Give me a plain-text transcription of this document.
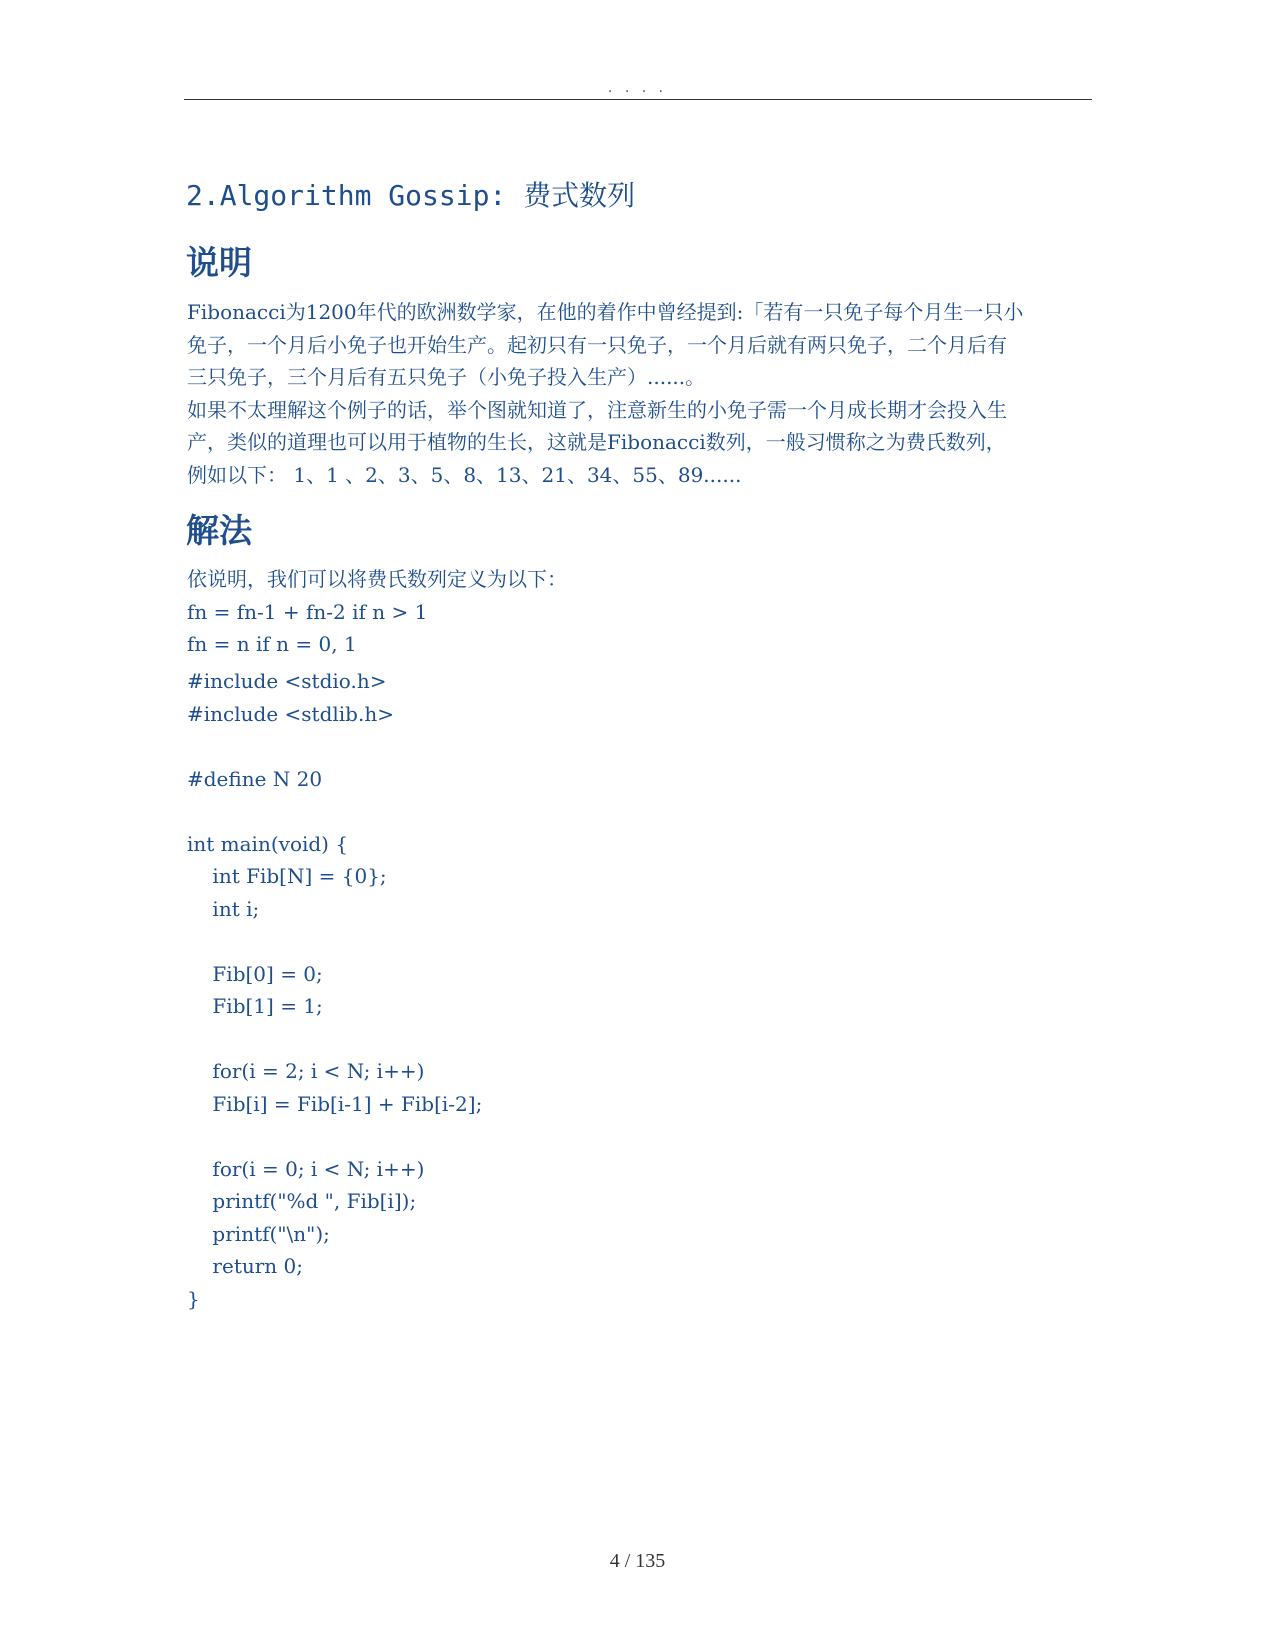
. . . .
2.Algorithm Gossip: 费式数列
说明
Fibonacci为1200年代的欧洲数学家，在他的着作中曾经提到:「若有一只免子每个月生一只小
免子，一个月后小免子也开始生产。起初只有一只免子，一个月后就有两只免子，二个月后有
三只免子，三个月后有五只免子（小免子投入生产）......。
如果不太理解这个例子的话，举个图就知道了，注意新生的小免子需一个月成长期才会投入生
产，类似的道理也可以用于植物的生长，这就是Fibonacci数列，一般习惯称之为费氏数列，
例如以下： 1、1 、2、3、5、8、13、21、34、55、89......
解法
依说明，我们可以将费氏数列定义为以下：
fn = fn-1 + fn-2 if n > 1
fn = n if n = 0, 1
#include <stdio.h>
#include <stdlib.h>

#define N 20

int main(void) {
int Fib[N] = {0};
int i;

Fib[0] = 0;
Fib[1] = 1;

for(i = 2; i < N; i++)
Fib[i] = Fib[i-1] + Fib[i-2];

for(i = 0; i < N; i++)
printf("%d ", Fib[i]);
printf("\n");
return 0;
}
4 / 135
